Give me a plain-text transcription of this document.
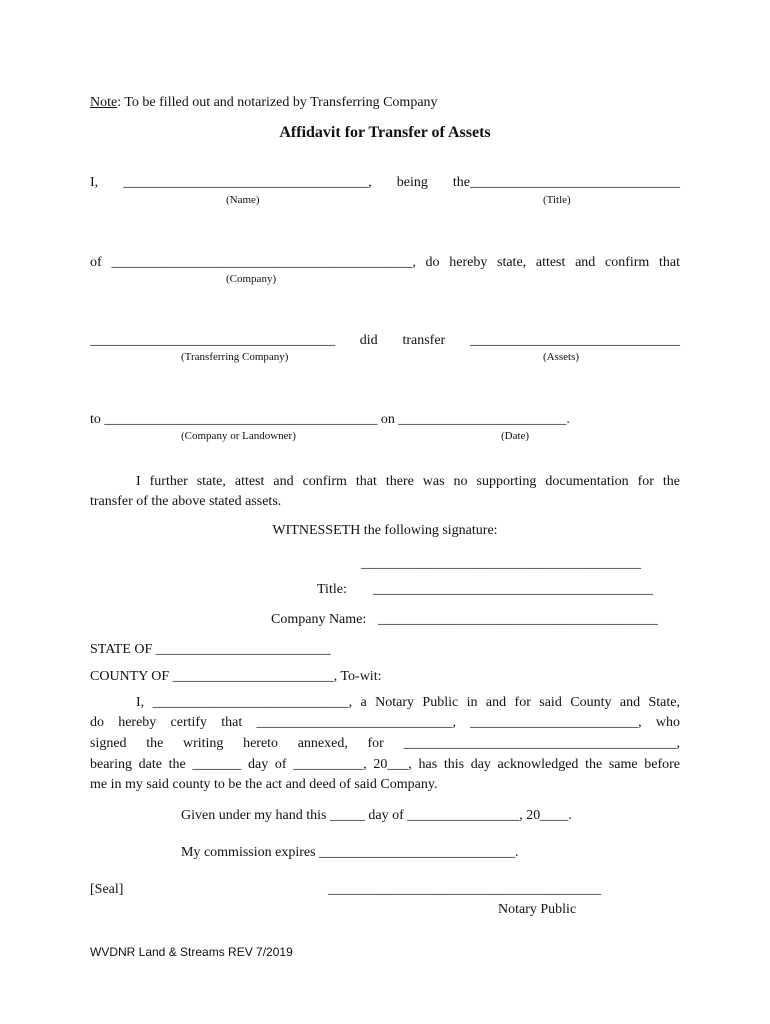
Note: To be filled out and notarized by Transferring Company
Affidavit for Transfer of Assets
I, ___________________________________, being the______________________________
(Name)	(Title)
of ___________________________________________, do hereby state, attest and confirm that
(Company)
___________________________________ did transfer ______________________________
(Transferring Company)	(Assets)
to _______________________________________ on ________________________.
(Company or Landowner)	(Date)
I further state, attest and confirm that there was no supporting documentation for the
transfer of the above stated assets.
WITNESSETH the following signature:
________________________________________
Title: ________________________________________
Company Name: ________________________________________
STATE OF _________________________
COUNTY OF _______________________, To-wit:
I, ____________________________, a Notary Public in and for said County and State,
do hereby certify that ____________________________, ________________________, who
signed the writing hereto annexed, for _______________________________________,
bearing date the _______ day of __________, 20___, has this day acknowledged the same before
me in my said county to be the act and deed of said Company.
Given under my hand this _____ day of ________________, 20____.
My commission expires ____________________________.
[Seal]	_______________________________________
Notary Public
WVDNR Land & Streams REV 7/2019
